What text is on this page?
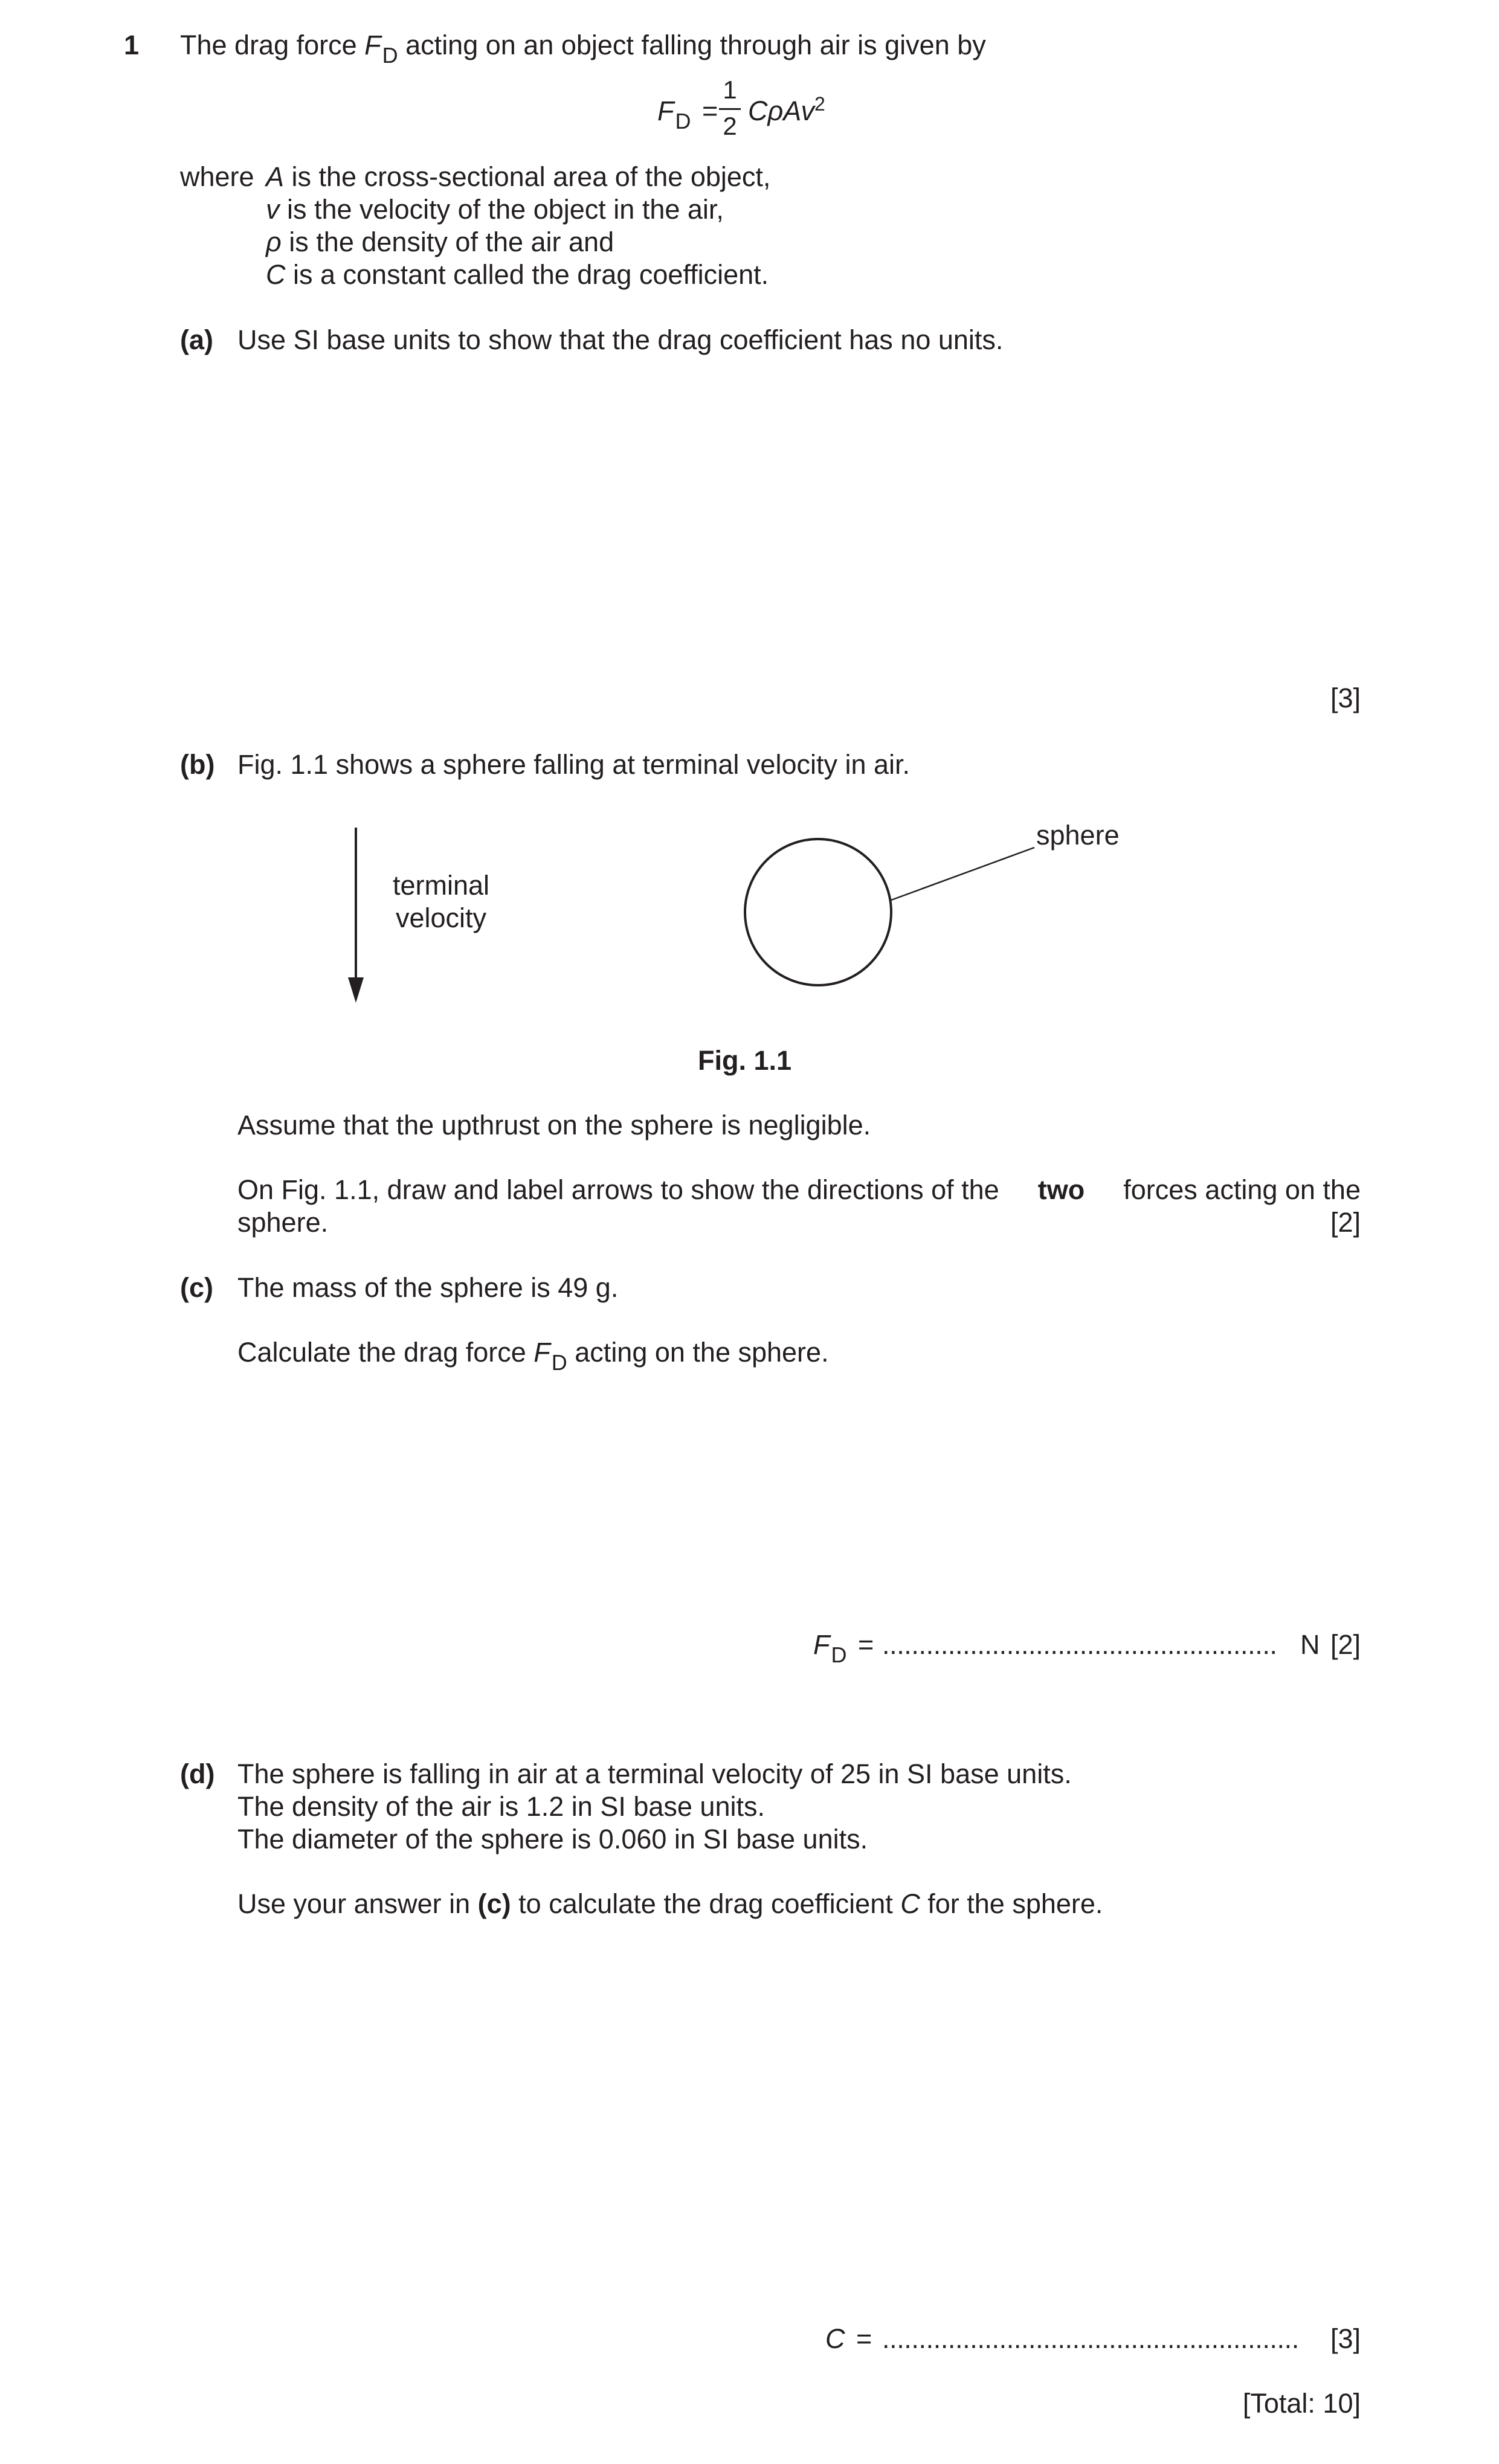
1 The drag force $F_D$ acting on an object falling through air is given by
$F_D$ =
1
2 CρAv$^2$
where A is the cross-sectional area of the object,
v is the velocity of the object in the air,
ρ is the density of the air and
C is a constant called the drag coefficient.
(a) Use SI base units to show that the drag coefficient has no units.
[3]
(b) Fig. 1.1 shows a sphere falling at terminal velocity in air.
terminal
velocity
sphere
Fig. 1.1
Assume that the upthrust on the sphere is negligible.
On Fig. 1.1, draw and label arrows to show the directions of the two forces acting on the
sphere.	[2]
(c) The mass of the sphere is 49 g.
Calculate the drag force $F_D$ acting on the sphere.
$F_D$ = ...................................................... N [2]
(d) The sphere is falling in air at a terminal velocity of 25 in SI base units.
The density of the air is 1.2 in SI base units.
The diameter of the sphere is 0.060 in SI base units.
Use your answer in (c) to calculate the drag coefficient C for the sphere.
C = ......................................................... [3]
[Total: 10]
